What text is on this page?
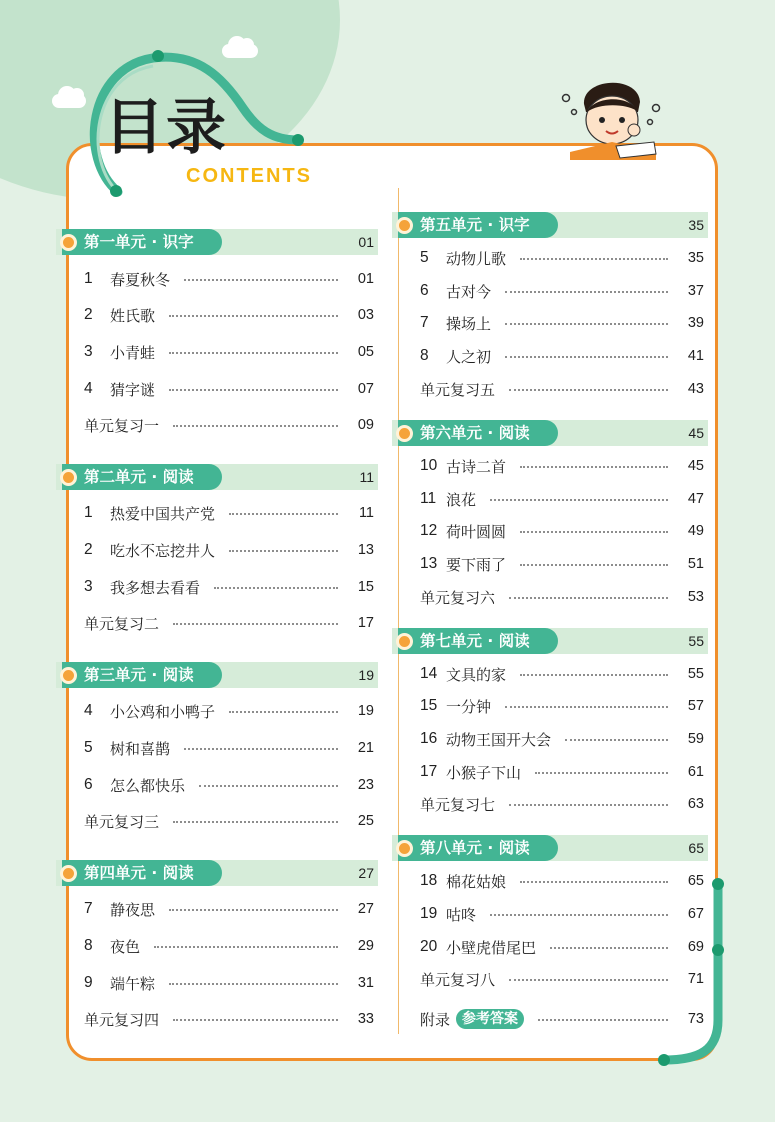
目录
CONTENTS
第一单元 · 识字	01
1	春夏秋冬	01
2	姓氏歌	03
3	小青蛙	05
4	猜字谜	07
单元复习一	09
第二单元 · 阅读	11
1	热爱中国共产党	11
2	吃水不忘挖井人	13
3	我多想去看看	15
单元复习二	17
第三单元 · 阅读	19
4	小公鸡和小鸭子	19
5	树和喜鹊	21
6	怎么都快乐	23
单元复习三	25
第四单元 · 阅读	27
7	静夜思	27
8	夜色	29
9	端午粽	31
单元复习四	33
第五单元 · 识字	35
5	动物儿歌	35
6	古对今	37
7	操场上	39
8	人之初	41
单元复习五	43
第六单元 · 阅读	45
10 古诗二首	45
11 浪花	47
12 荷叶圆圆	49
13 要下雨了	51
单元复习六	53
第七单元 · 阅读	55
14 文具的家	55
15 一分钟	57
16 动物王国开大会	59
17 小猴子下山	61
单元复习七	63
第八单元 · 阅读	65
18 棉花姑娘	65
19 咕咚	67
20 小壁虎借尾巴	69
单元复习八	71
附录 参考答案	73
